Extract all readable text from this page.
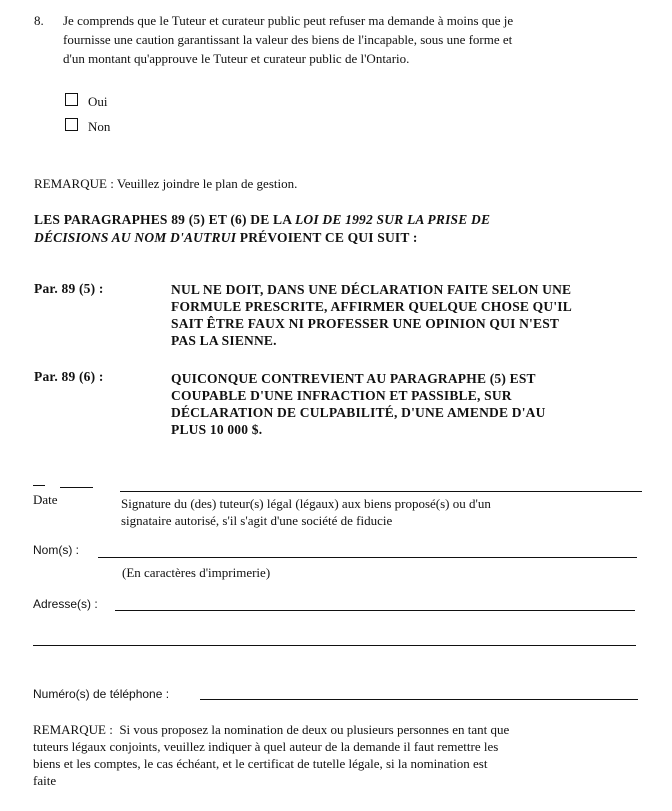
8. Je comprends que le Tuteur et curateur public peut refuser ma demande à moins que je
fournisse une caution garantissant la valeur des biens de l'incapable, sous une forme et
d'un montant qu'approuve le Tuteur et curateur public de l'Ontario.
Oui
Non
REMARQUE : Veuillez joindre le plan de gestion.
LES PARAGRAPHES 89 (5) ET (6) DE LA LOI DE 1992 SUR LA PRISE DE
DÉCISIONS AU NOM D'AUTRUI PRÉVOIENT CE QUI SUIT :
Par. 89 (5) :	NUL NE DOIT, DANS UNE DÉCLARATION FAITE SELON UNE
FORMULE PRESCRITE, AFFIRMER QUELQUE CHOSE QU'IL
SAIT ÊTRE FAUX NI PROFESSER UNE OPINION QUI N'EST
PAS LA SIENNE.
Par. 89 (6) :	QUICONQUE CONTREVIENT AU PARAGRAPHE (5) EST
COUPABLE D'UNE INFRACTION ET PASSIBLE, SUR
DÉCLARATION DE CULPABILITÉ, D'UNE AMENDE D'AU
PLUS 10 000 $.
Date	Signature du (des) tuteur(s) légal (légaux) aux biens proposé(s) ou d'un
signataire autorisé, s'il s'agit d'une société de fiducie
Nom(s) :
(En caractères d'imprimerie)
Adresse(s) :
Numéro(s) de téléphone :
REMARQUE : Si vous proposez la nomination de deux ou plusieurs personnes en tant que
tuteurs légaux conjoints, veuillez indiquer à quel auteur de la demande il faut remettre les
biens et les comptes, le cas échéant, et le certificat de tutelle légale, si la nomination est
faite
